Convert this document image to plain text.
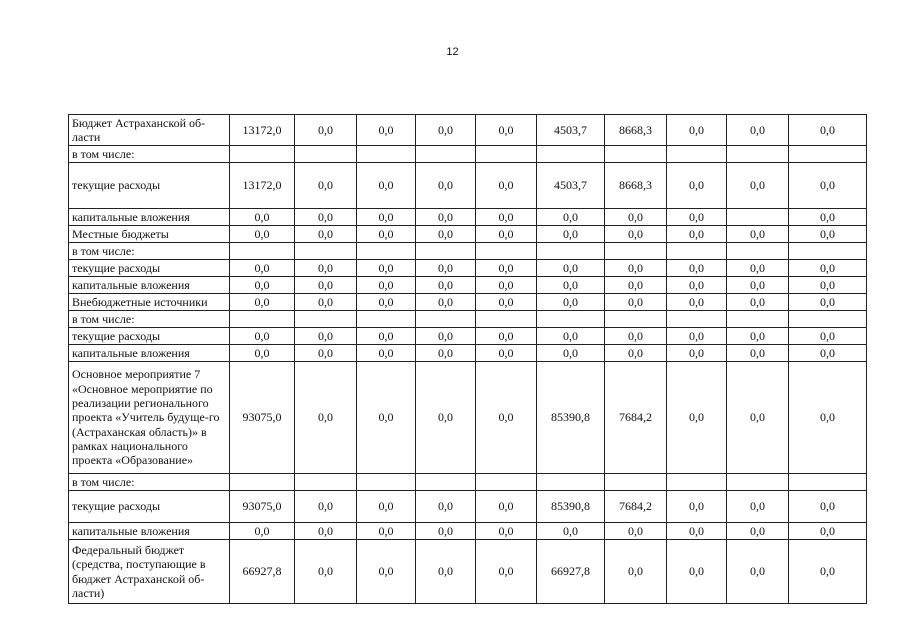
12
Бюджет Астраханской об-ласти	13172,0	0,0	0,0	0,0	0,0	4503,7	8668,3	0,0	0,0	0,0
в том числе:										
текущие расходы	13172,0	0,0	0,0	0,0	0,0	4503,7	8668,3	0,0	0,0	0,0
капитальные вложения	0,0	0,0	0,0	0,0	0,0	0,0	0,0	0,0		0,0
Местные бюджеты	0,0	0,0	0,0	0,0	0,0	0,0	0,0	0,0	0,0	0,0
в том числе:										
текущие расходы	0,0	0,0	0,0	0,0	0,0	0,0	0,0	0,0	0,0	0,0
капитальные вложения	0,0	0,0	0,0	0,0	0,0	0,0	0,0	0,0	0,0	0,0
Внебюджетные источники	0,0	0,0	0,0	0,0	0,0	0,0	0,0	0,0	0,0	0,0
в том числе:										
текущие расходы	0,0	0,0	0,0	0,0	0,0	0,0	0,0	0,0	0,0	0,0
капитальные вложения	0,0	0,0	0,0	0,0	0,0	0,0	0,0	0,0	0,0	0,0
Основное мероприятие 7 «Основное мероприятие по реализации регионального проекта «Учитель будуще-го (Астраханская область)» в рамках национального проекта «Образование»	93075,0	0,0	0,0	0,0	0,0	85390,8	7684,2	0,0	0,0	0,0
в том числе:										
текущие расходы	93075,0	0,0	0,0	0,0	0,0	85390,8	7684,2	0,0	0,0	0,0
капитальные вложения	0,0	0,0	0,0	0,0	0,0	0,0	0,0	0,0	0,0	0,0
Федеральный бюджет (средства, поступающие в бюджет Астраханской об-ласти)	66927,8	0,0	0,0	0,0	0,0	66927,8	0,0	0,0	0,0	0,0
